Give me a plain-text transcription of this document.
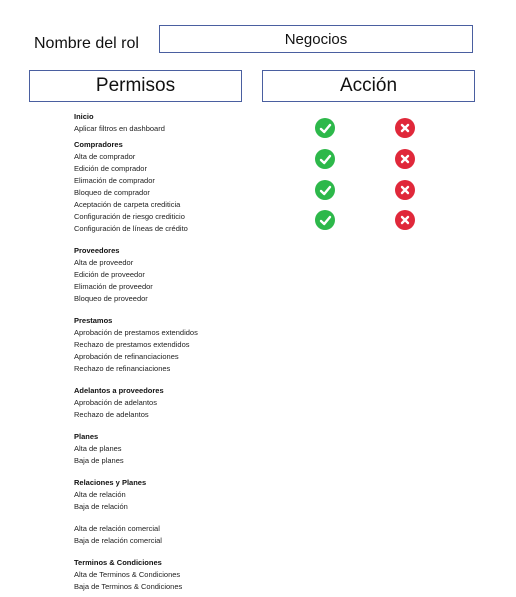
Nombre del rol	Negocios
Permisos	Acción
Inicio
Aplicar filtros en dashboard
Compradores
Alta de comprador
Edición de comprador
Elimación de comprador
Bloqueo de comprador
Aceptación de carpeta crediticia
Configuración de riesgo crediticio
Configuración de líneas de crédito
Proveedores
Alta de proveedor
Edición de proveedor
Elimación de proveedor
Bloqueo de proveedor
Prestamos
Aprobación de prestamos extendidos
Rechazo de prestamos extendidos
Aprobación de refinanciaciones
Rechazo de refinanciaciones
Adelantos a proveedores
Aprobación de adelantos
Rechazo de adelantos
Planes
Alta de planes
Baja de planes
Relaciones y Planes
Alta de relación
Baja de relación
Alta de relación comercial
Baja de relación comercial
Terminos & Condiciones
Alta de Terminos & Condiciones
Baja de Terminos & Condiciones
